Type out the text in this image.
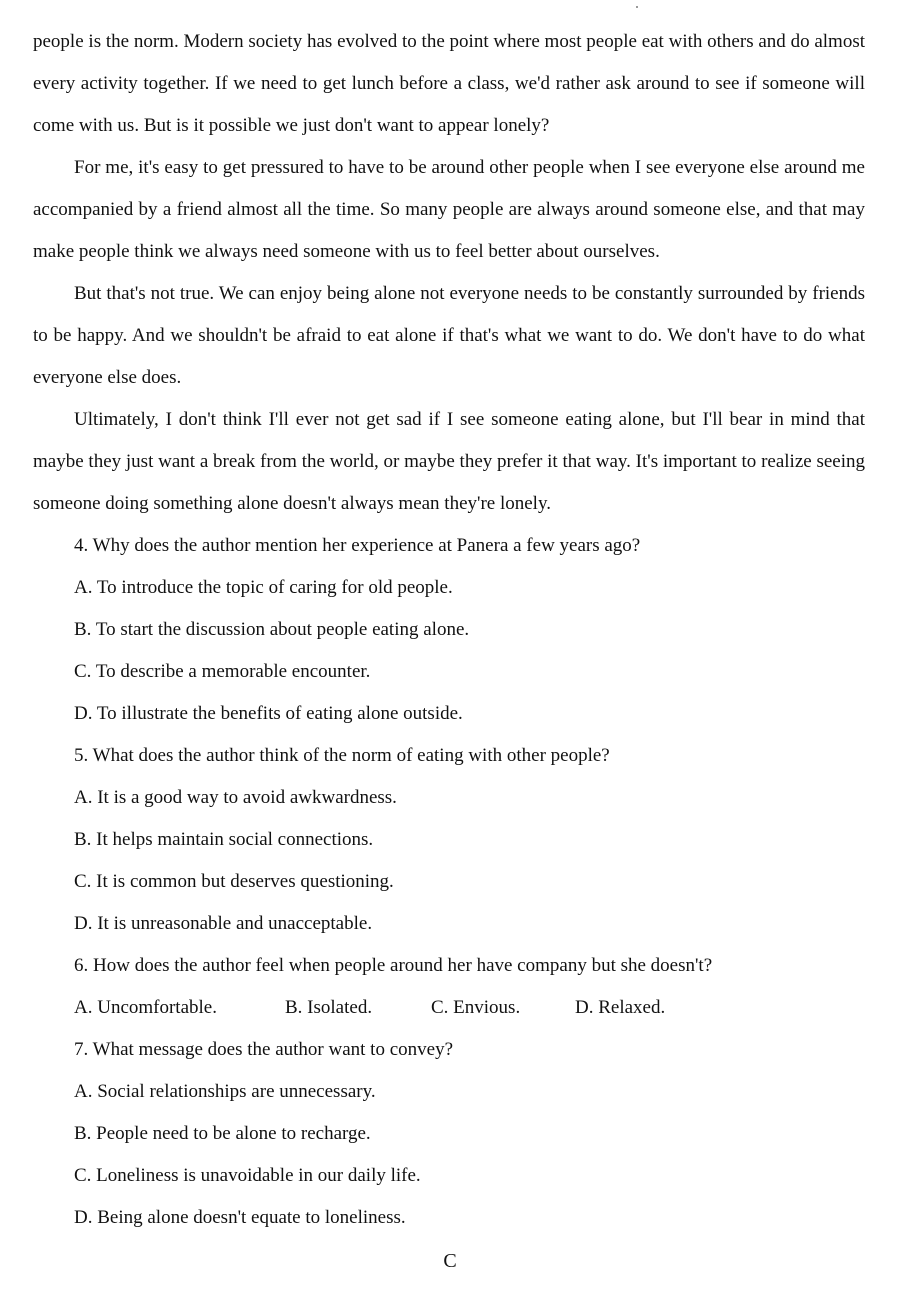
people is the norm. Modern society has evolved to the point where most people eat with others and do almost every activity together. If we need to get lunch before a class, we'd rather ask around to see if someone will come with us. But is it possible we just don't want to appear lonely?

For me, it's easy to get pressured to have to be around other people when I see everyone else around me accompanied by a friend almost all the time. So many people are always around someone else, and that may make people think we always need someone with us to feel better about ourselves.

But that's not true. We can enjoy being alone not everyone needs to be constantly surrounded by friends to be happy. And we shouldn't be afraid to eat alone if that's what we want to do. We don't have to do what everyone else does.

Ultimately, I don't think I'll ever not get sad if I see someone eating alone, but I'll bear in mind that maybe they just want a break from the world, or maybe they prefer it that way. It's important to realize seeing someone doing something alone doesn't always mean they're lonely.

4. Why does the author mention her experience at Panera a few years ago?
A. To introduce the topic of caring for old people.
B. To start the discussion about people eating alone.
C. To describe a memorable encounter.
D. To illustrate the benefits of eating alone outside.
5. What does the author think of the norm of eating with other people?
A. It is a good way to avoid awkwardness.
B. It helps maintain social connections.
C. It is common but deserves questioning.
D. It is unreasonable and unacceptable.
6. How does the author feel when people around her have company but she doesn't?
A. Uncomfortable.	B. Isolated.	C. Envious.	D. Relaxed.
7. What message does the author want to convey?
A. Social relationships are unnecessary.
B. People need to be alone to recharge.
C. Loneliness is unavoidable in our daily life.
D. Being alone doesn't equate to loneliness.
C
